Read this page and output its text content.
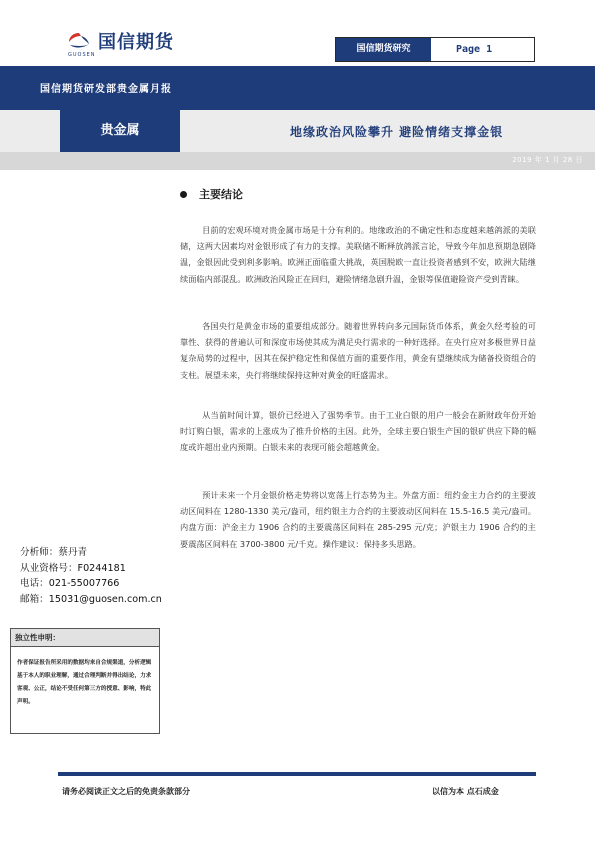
国信期货
GUOSEN
国信期货研究	Page 1
国信期货研发部贵金属月报
贵金属	地缘政治风险攀升 避险情绪支撑金银
2019 年 1 月 28 日
主要结论
目前的宏观环境对贵金属市场是十分有利的。地缘政治的不确定性和态度越来越鸽派的美联储，这两大因素均对金银形成了有力的支撑。美联储不断释放鸽派言论，导致今年加息预期急剧降温，金银因此受到利多影响。欧洲正面临重大挑战，英国脱欧一直让投资者感到不安，欧洲大陆继续面临内部混乱。欧洲政治风险正在回归，避险情绪急剧升温，金银等保值避险资产受到青睐。
各国央行是黄金市场的重要组成部分。随着世界转向多元国际货币体系，黄金久经考验的可靠性、获得的普遍认可和深度市场使其成为满足央行需求的一种好选择。在央行应对多极世界日益复杂局势的过程中，因其在保护稳定性和保值方面的重要作用，黄金有望继续成为储备投资组合的支柱。展望未来，央行将继续保持这种对黄金的旺盛需求。
从当前时间计算，银价已经进入了强势季节。由于工业白银的用户一般会在新财政年份开始时订购白银，需求的上涨成为了推升价格的主因。此外，全球主要白银生产国的银矿供应下降的幅度或许超出业内预期。白银未来的表现可能会超越黄金。
预计未来一个月金银价格走势将以宽荡上行态势为主。外盘方面：纽约金主力合约的主要波动区间料在 1280-1330 美元/盎司，纽约银主力合约的主要波动区间料在 15.5-16.5 美元/盎司。内盘方面：沪金主力 1906 合约的主要震荡区间料在 285-295 元/克；沪银主力 1906 合约的主要震荡区间料在 3700-3800 元/千克。操作建议：保持多头思路。
分析师：蔡丹青
从业资格号：F0244181
电话：021-55007766
邮箱：15031@guosen.com.cn
独立性申明：
作者保证报告所采用的数据均来自合规渠道，分析逻辑基于本人的职业理解，通过合理判断并得出结论，力求客观、公正，结论不受任何第三方的授意、影响，特此声明。
请务必阅读正文之后的免责条款部分	以信为本 点石成金
